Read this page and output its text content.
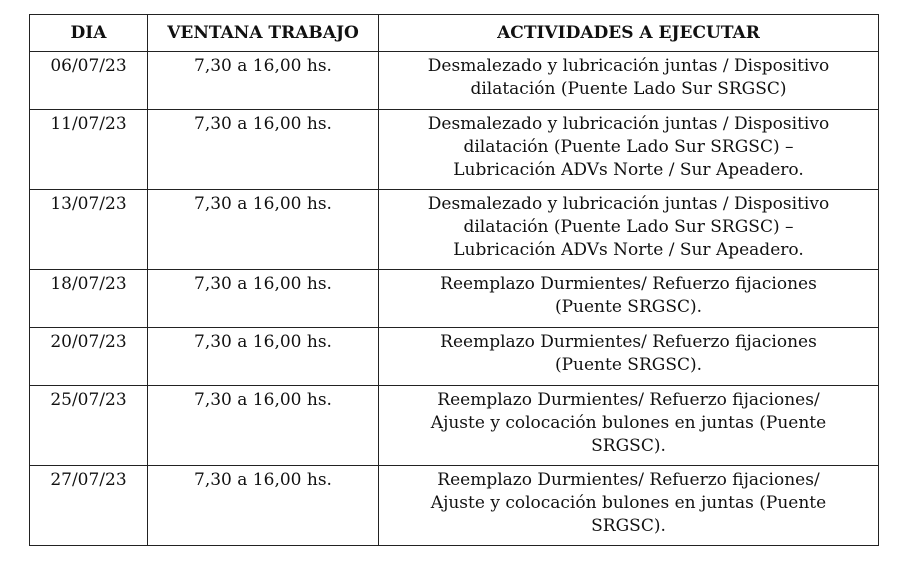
DIA	VENTANA TRABAJO	ACTIVIDADES A EJECUTAR
06/07/23	7,30 a 16,00 hs.	Desmalezado y lubricación juntas / Dispositivo
dilatación (Puente Lado Sur SRGSC)

11/07/23	7,30 a 16,00 hs.	Desmalezado y lubricación juntas / Dispositivo
dilatación (Puente Lado Sur SRGSC) –
Lubricación ADVs Norte / Sur Apeadero.

13/07/23	7,30 a 16,00 hs.	Desmalezado y lubricación juntas / Dispositivo
dilatación (Puente Lado Sur SRGSC) –
Lubricación ADVs Norte / Sur Apeadero.

18/07/23	7,30 a 16,00 hs.	Reemplazo Durmientes/ Refuerzo fijaciones
(Puente SRGSC).

20/07/23	7,30 a 16,00 hs.	Reemplazo Durmientes/ Refuerzo fijaciones
(Puente SRGSC).

25/07/23	7,30 a 16,00 hs.	Reemplazo Durmientes/ Refuerzo fijaciones/
Ajuste y colocación bulones en juntas (Puente
SRGSC).

27/07/23	7,30 a 16,00 hs.	Reemplazo Durmientes/ Refuerzo fijaciones/
Ajuste y colocación bulones en juntas (Puente
SRGSC).
